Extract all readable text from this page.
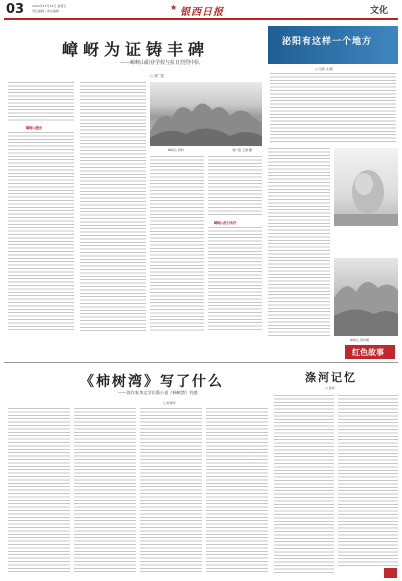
03	2022年12月23日 星期五
责任编辑 / 美术编辑	★ 银西日报	文化
嶂岈为证铸丰碑
——嶂岈山职业学校与抗日烈烈中队
□ 刘广超
嶂岈山遇会
嶂岈山 资料	刘广超 王春 摄
嶂岈山抗日名村
泌阳有这样一个地方
□ 马新 文/图
嶂岈山 资料图
红色故事
《柿树湾》写了什么
——读作家李文学长篇小说《柿树湾》有感
□ 杜晓苹
涤河记忆
□ 孙传
